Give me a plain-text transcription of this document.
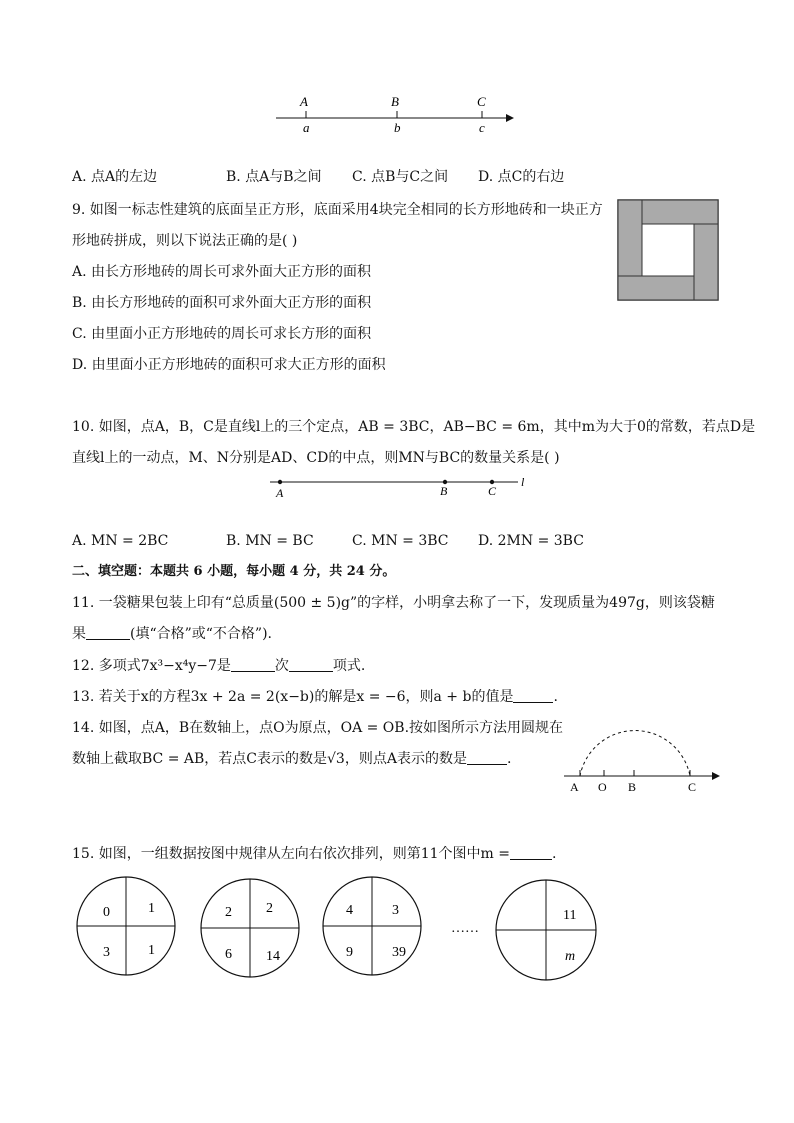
A	B	C
a	b	c
A. 点A的左边	B. 点A与B之间 C. 点B与C之间 D. 点C的右边
9. 如图一标志性建筑的底面呈正方形，底面采用4块完全相同的长方形地砖和一块正方
形地砖拼成，则以下说法正确的是( )
A. 由长方形地砖的周长可求外面大正方形的面积
B. 由长方形地砖的面积可求外面大正方形的面积
C. 由里面小正方形地砖的周长可求长方形的面积
D. 由里面小正方形地砖的面积可求大正方形的面积
10. 如图，点A，B，C是直线l上的三个定点，AB = 3BC，AB−BC = 6m，其中m为大于0的常数，若点D是
直线l上的一动点，M、N分别是AD、CD的中点，则MN与BC的数量关系是( )
A	B	C
l
A. MN = 2BC	B. MN = BC	C. MN = 3BC D. 2MN = 3BC
二、填空题：本题共 6 小题，每小题 4 分，共 24 分。
11. 一袋糖果包装上印有“总质量(500 ± 5)g”的字样，小明拿去称了一下，发现质量为497g，则该袋糖
果	(填“合格”或“不合格”).
12. 多项式7x³−x⁴y−7是	次	项式.
13. 若关于x的方程3x + 2a = 2(x−b)的解是x = −6，则a + b的值是	.
14. 如图，点A，B在数轴上，点O为原点，OA = OB.按如图所示方法用圆规在
数轴上截取BC = AB，若点C表示的数是√3，则点A表示的数是	.
A O B	C
15. 如图，一组数据按图中规律从左向右依次排列，则第11个图中m =	.
0	1
3	1
2 2
6 14
4	3
9	39
……
11
m
